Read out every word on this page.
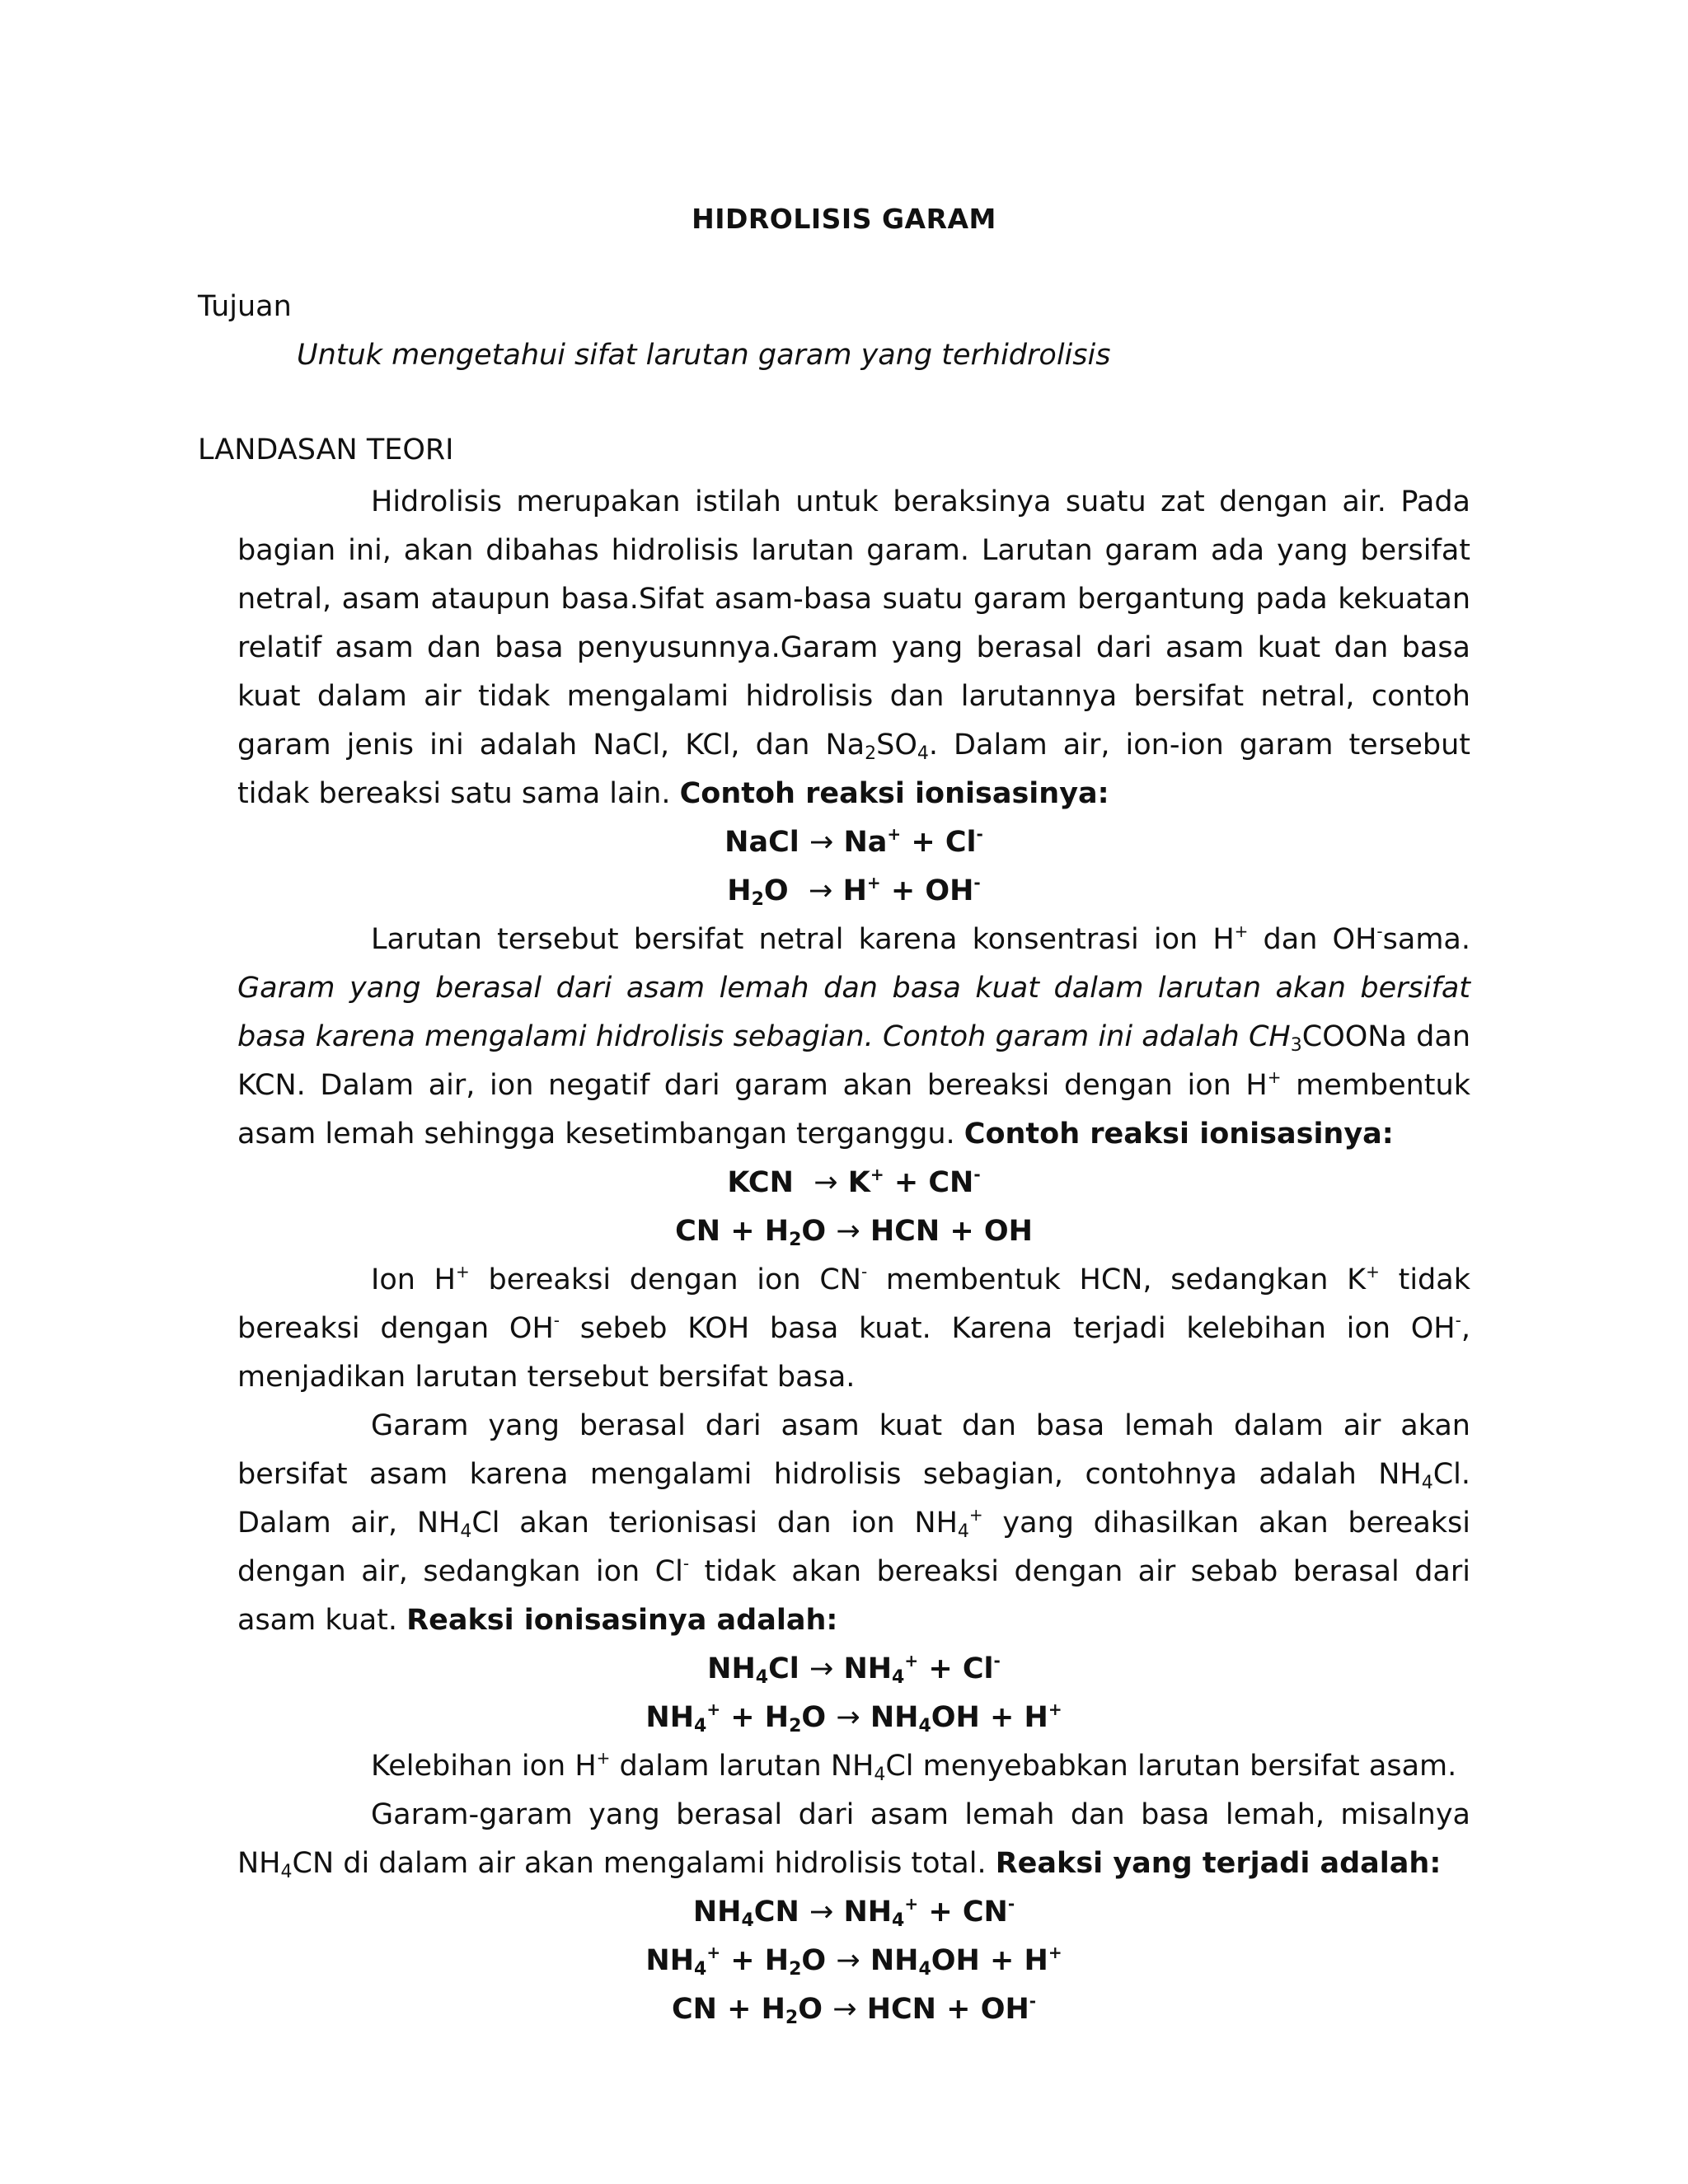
HIDROLISIS GARAM
Tujuan
Untuk mengetahui sifat larutan garam yang terhidrolisis
LANDASAN TEORI

Hidrolisis merupakan istilah untuk beraksinya suatu zat dengan air. Pada bagian ini, akan dibahas hidrolisis larutan garam. Larutan garam ada yang bersifat netral, asam ataupun basa.Sifat asam-basa suatu garam bergantung pada kekuatan relatif asam dan basa penyusunnya.Garam yang berasal dari asam kuat dan basa kuat dalam air tidak mengalami hidrolisis dan larutannya bersifat netral, contoh garam jenis ini adalah NaCl, KCl, dan $Na_2SO_4$. Dalam air, ion-ion garam tersebut tidak bereaksi satu sama lain. Contoh reaksi ionisasinya:

NaCl → Na+ + Cl-
$H_2O \to H^+ + OH^-$

Larutan tersebut bersifat netral karena konsentrasi ion H+ dan OH-sama. Garam yang berasal dari asam lemah dan basa kuat dalam larutan akan bersifat basa karena mengalami hidrolisis sebagian. Contoh garam ini adalah $CH_3COONa$ dan KCN. Dalam air, ion negatif dari garam akan bereaksi dengan ion H+ membentuk asam lemah sehingga kesetimbangan terganggu. Contoh reaksi ionisasinya:

KCN → K+ + CN-
CN + $H_2O$ → HCN + OH

Ion H+ bereaksi dengan ion CN- membentuk HCN, sedangkan K+ tidak bereaksi dengan OH- sebeb KOH basa kuat. Karena terjadi kelebihan ion OH-, menjadikan larutan tersebut bersifat basa.

Garam yang berasal dari asam kuat dan basa lemah dalam air akan bersifat asam karena mengalami hidrolisis sebagian, contohnya adalah $NH_4Cl$. Dalam air, $NH_4Cl$ akan terionisasi dan ion $NH_4^+$ yang dihasilkan akan bereaksi dengan air, sedangkan ion Cl- tidak akan bereaksi dengan air sebab berasal dari asam kuat. Reaksi ionisasinya adalah:

$NH_4Cl \to NH_4^+ + Cl^-$
$NH_4^+ + H_2O \to NH_4OH + H^+$

Kelebihan ion H+ dalam larutan $NH_4Cl$ menyebabkan larutan bersifat asam.

Garam-garam yang berasal dari asam lemah dan basa lemah, misalnya $NH_4CN$ di dalam air akan mengalami hidrolisis total. Reaksi yang terjadi adalah:

$NH_4CN \to NH_4^+ + CN^-$
$NH_4^+ + H_2O \to NH_4OH + H^+$
CN + $H_2O$ → HCN + OH-
